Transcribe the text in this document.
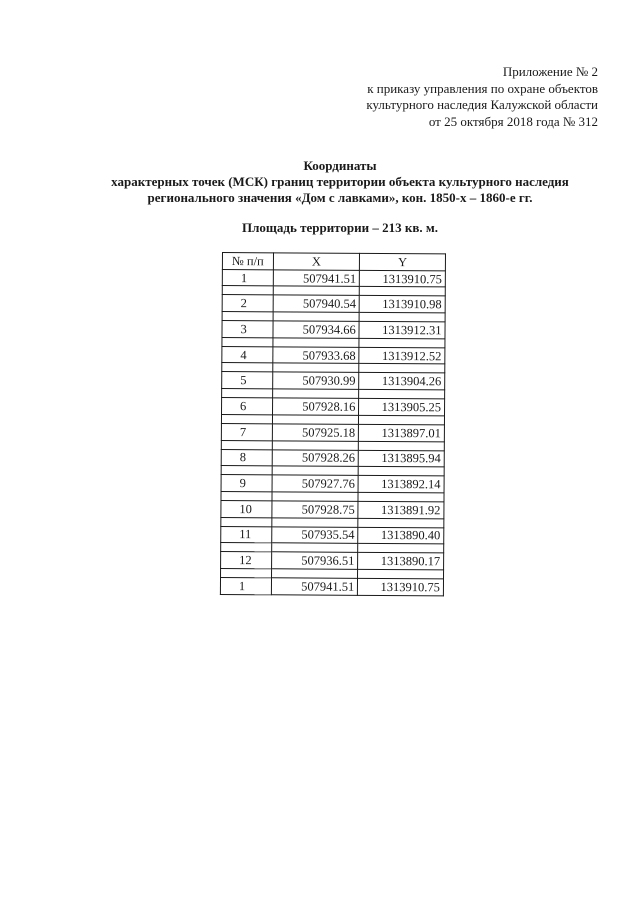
Приложение № 2
к приказу управления по охране объектов
культурного наследия Калужской области
от 25 октября 2018 года № 312
Координаты
характерных точек (МСК) границ территории объекта культурного наследия
регионального значения «Дом с лавками», кон. 1850-х – 1860-е гг.
Площадь территории – 213 кв. м.
№ п/п	X	Y
1	507941.51	1313910.75

2	507940.54	1313910.98

3	507934.66	1313912.31

4	507933.68	1313912.52

5	507930.99	1313904.26

6	507928.16	1313905.25

7	507925.18	1313897.01

8	507928.26	1313895.94

9	507927.76	1313892.14

10	507928.75	1313891.92

11	507935.54	1313890.40

12	507936.51	1313890.17

1	507941.51	1313910.75
